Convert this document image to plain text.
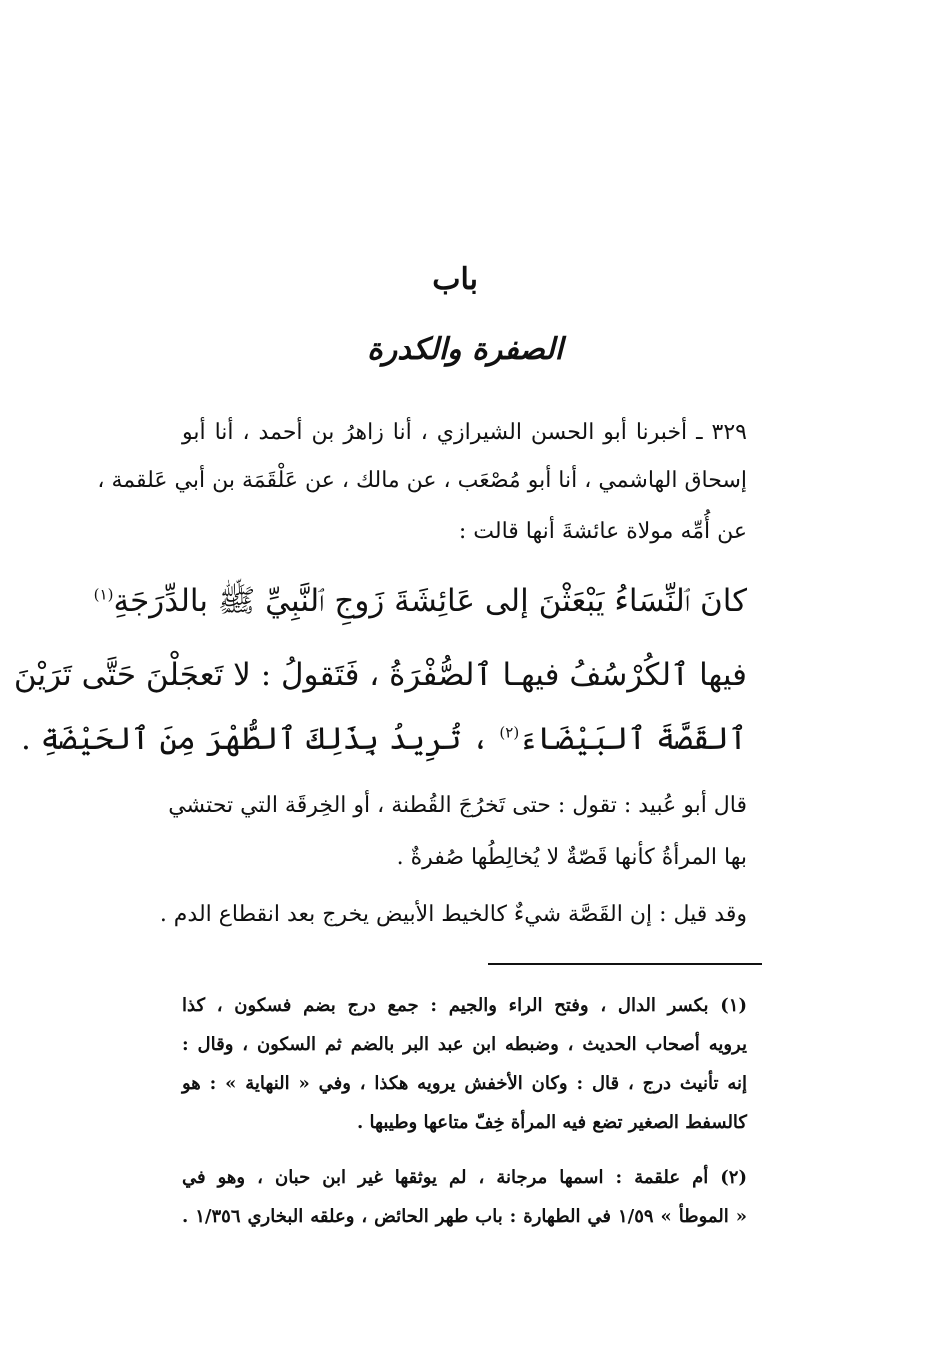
باب
الصفرة والكدرة
٣٢٩ ـ أخبرنا أبو الحسن الشيرازي ، أنا زاهرُ بن أحمد ، أنا أبو
إسحاق الهاشمي ، أنا أبو مُصْعَب ، عن مالك ، عن عَلْقَمَة بن أبي عَلقمة ،
عن أُمِّه مولاة عائشةَ أنها قالت :
كانَ ٱلنِّسَاءُ يَبْعَثْنَ إلى عَائِشَةَ زَوجِ ٱلنَّبِيِّ ﷺ بالدِّرَجَةِ$^{(١)}$
فيها ٱلكُرْسُفُ فيهـا ٱلصُّفْرَةُ ، فَتَقولُ : لا تَعجَلْنَ حَتَّى تَرَيْنَ
ٱلقَصَّةَ ٱلبَيْضَاءَ$^{(٢)}$ ، تُرِيدُ بِذَلِكَ ٱلطُّهْرَ مِنَ ٱلحَيْضَةِ .
قال أبو عُبيد : تقول : حتى تَخرُجَ القُطنة ، أو الخِرقَة التي تحتشي
بها المرأةُ كأنها قَصّةٌ لا يُخالِطُها صُفرةٌ .
وقد قيل : إن القَصَّة شيءٌ كالخيط الأبيض يخرج بعد انقطاع الدم .
(١) بكسر الدال ، وفتح الراء والجيم : جمع درج بضم فسكون ، كذا
يرويه أصحاب الحديث ، وضبطه ابن عبد البر بالضم ثم السكون ، وقال :
إنه تأنيث درج ، قال : وكان الأخفش يرويه هكذا ، وفي « النهاية » : هو
كالسفط الصغير تضع فيه المرأة خِفّ متاعها وطيبها .
(٢) أم علقمة : اسمها مرجانة ، لم يوثقها غير ابن حبان ، وهو في
« الموطأ » ١/٥٩ في الطهارة : باب طهر الحائض ، وعلقه البخاري ١/٣٥٦ .
